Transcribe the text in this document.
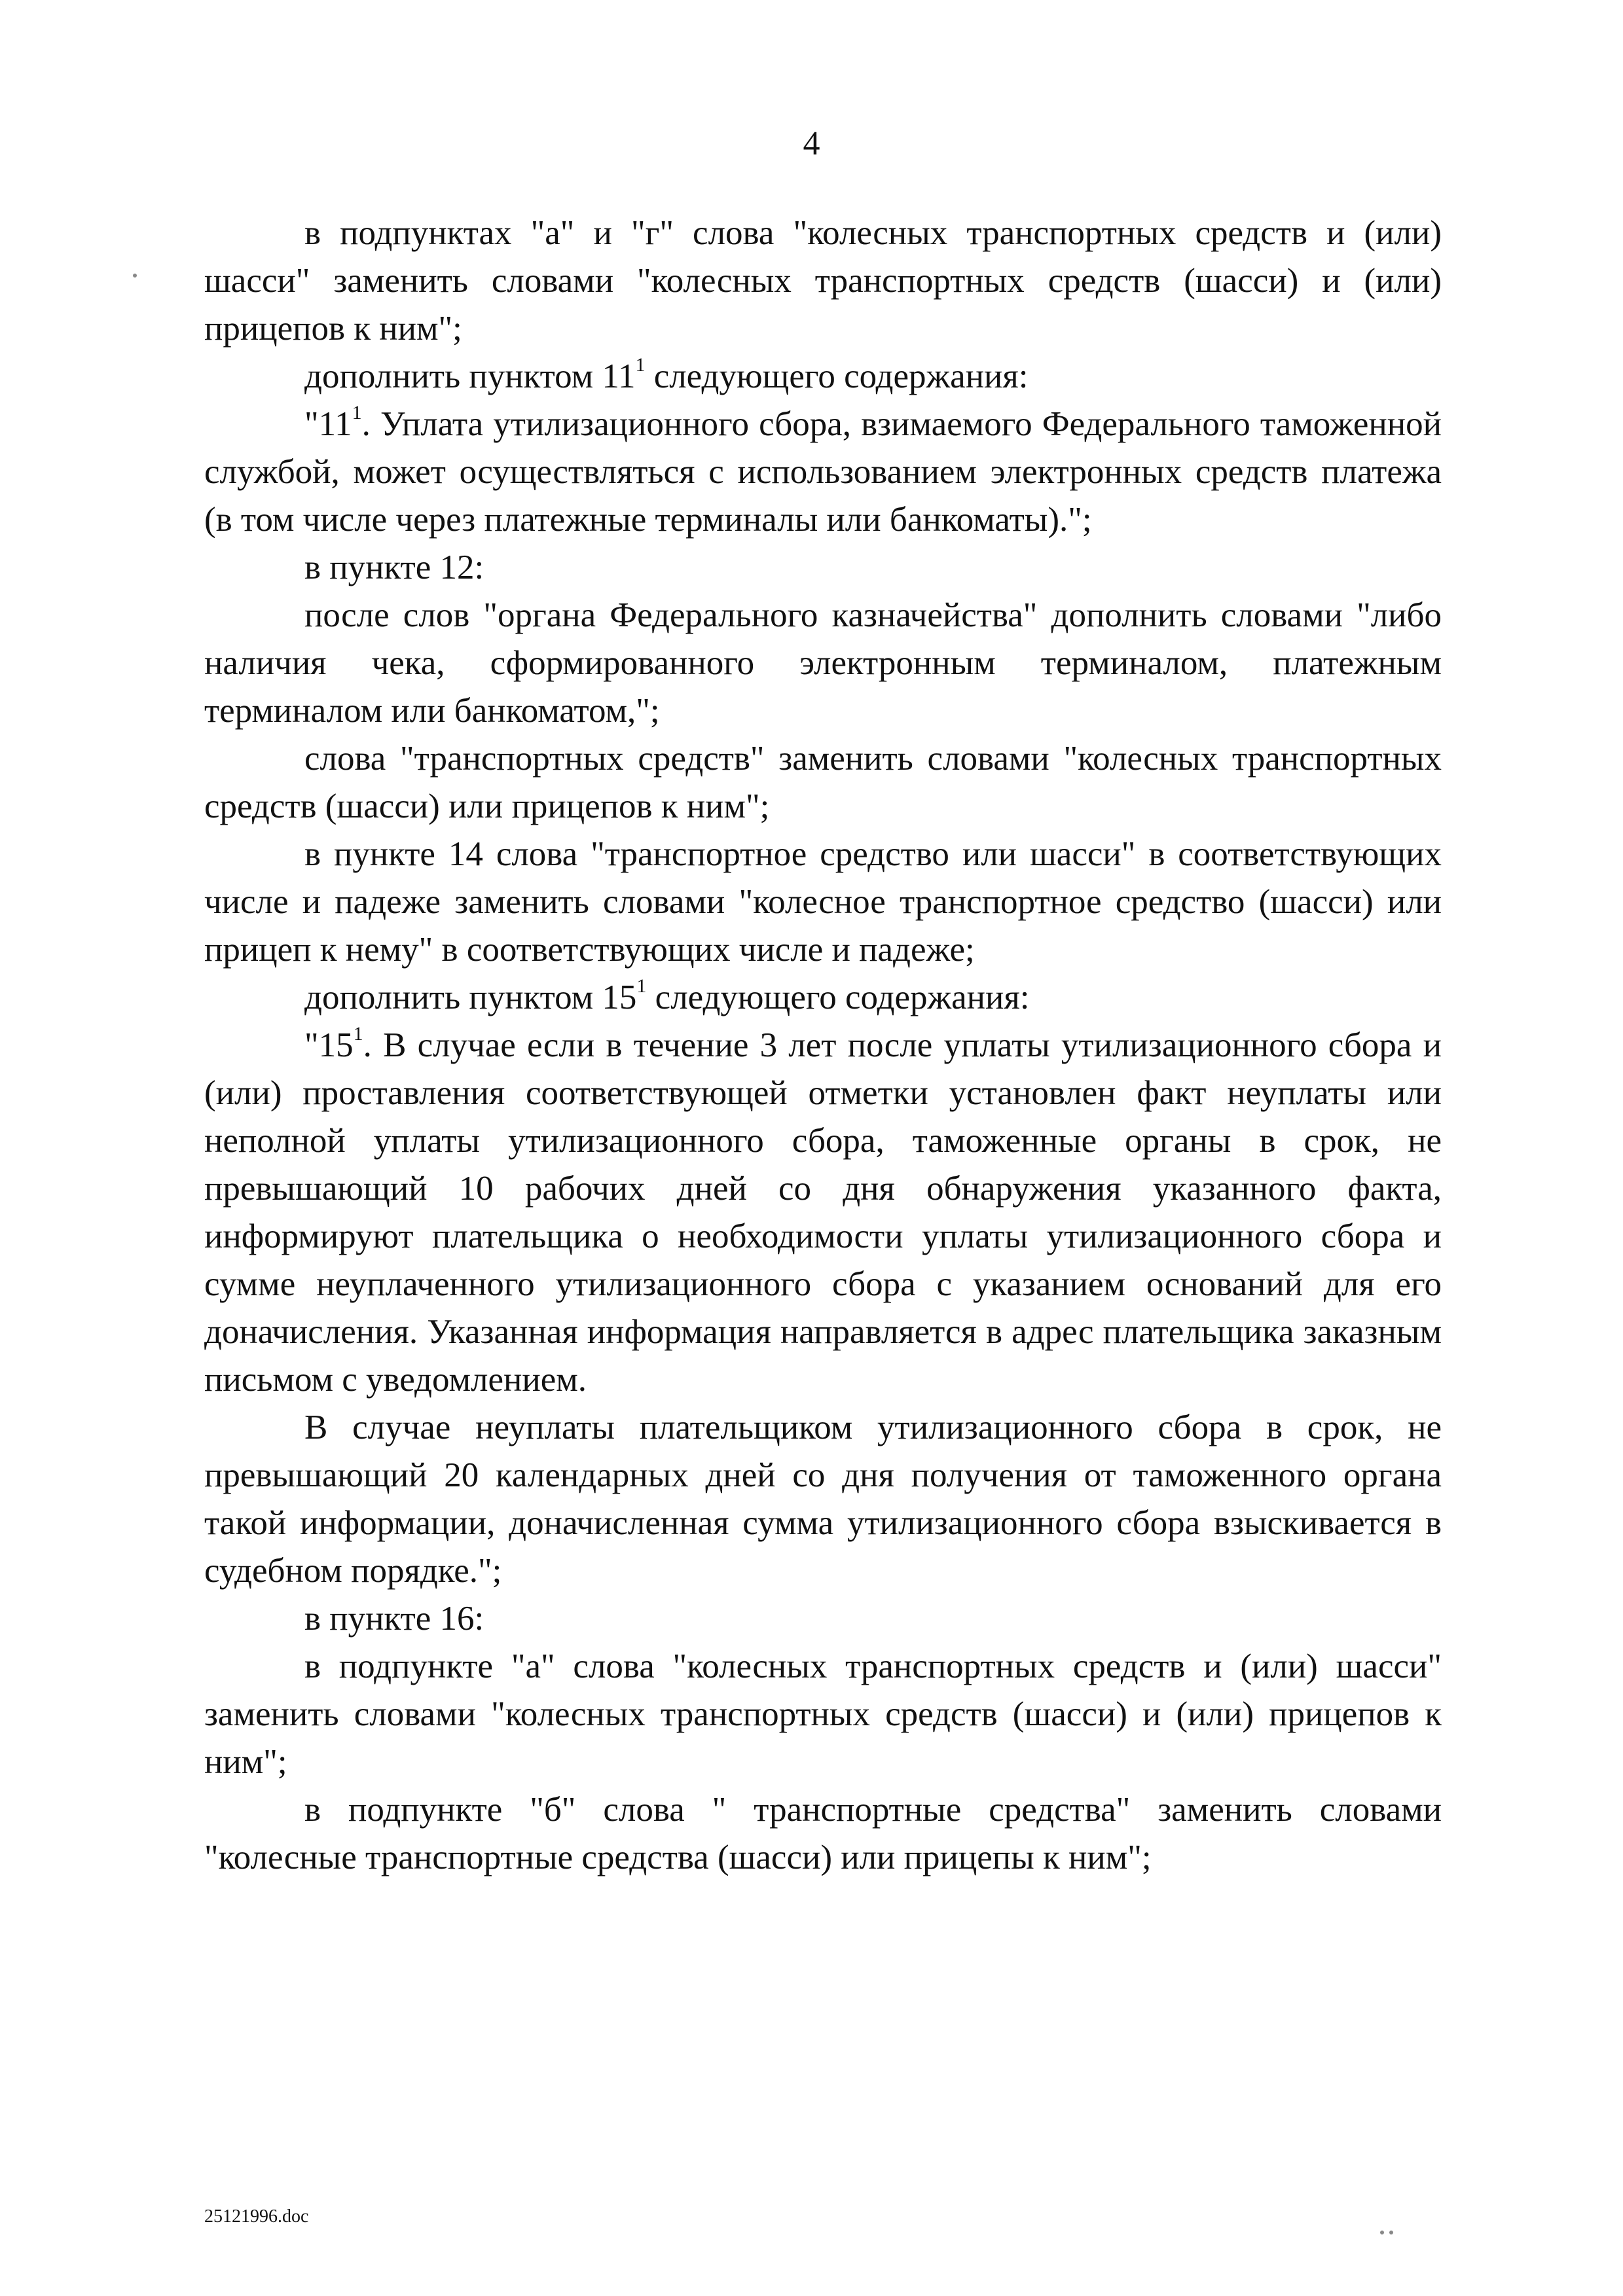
4

в подпунктах "а" и "г" слова "колесных транспортных средств и (или) шасси" заменить словами "колесных транспортных средств (шасси) и (или) прицепов к ним";

дополнить пунктом $11^1$ следующего содержания:

"$11^1$. Уплата утилизационного сбора, взимаемого Федерального таможенной службой, может осуществляться с использованием электронных средств платежа (в том числе через платежные терминалы или банкоматы).";

в пункте 12:

после слов "органа Федерального казначейства" дополнить словами "либо наличия чека, сформированного электронным терминалом, платежным терминалом или банкоматом,";

слова "транспортных средств" заменить словами "колесных транспортных средств (шасси) или прицепов к ним";

в пункте 14 слова "транспортное средство или шасси" в соответствующих числе и падеже заменить словами "колесное транспортное средство (шасси) или прицеп к нему" в соответствующих числе и падеже;

дополнить пунктом $15^1$ следующего содержания:

"$15^1$. В случае если в течение 3 лет после уплаты утилизационного сбора и (или) проставления соответствующей отметки установлен факт неуплаты или неполной уплаты утилизационного сбора, таможенные органы в срок, не превышающий 10 рабочих дней со дня обнаружения указанного факта, информируют плательщика о необходимости уплаты утилизационного сбора и сумме неуплаченного утилизационного сбора с указанием оснований для его доначисления. Указанная информация направляется в адрес плательщика заказным письмом с уведомлением.

В случае неуплаты плательщиком утилизационного сбора в срок, не превышающий 20 календарных дней со дня получения от таможенного органа такой информации, доначисленная сумма утилизационного сбора взыскивается в судебном порядке.";

в пункте 16:

в подпункте "а" слова "колесных транспортных средств и (или) шасси" заменить словами "колесных транспортных средств (шасси) и (или) прицепов к ним";

в подпункте "б" слова " транспортные средства" заменить словами "колесные транспортные средства (шасси) или прицепы к ним";

25121996.doc
